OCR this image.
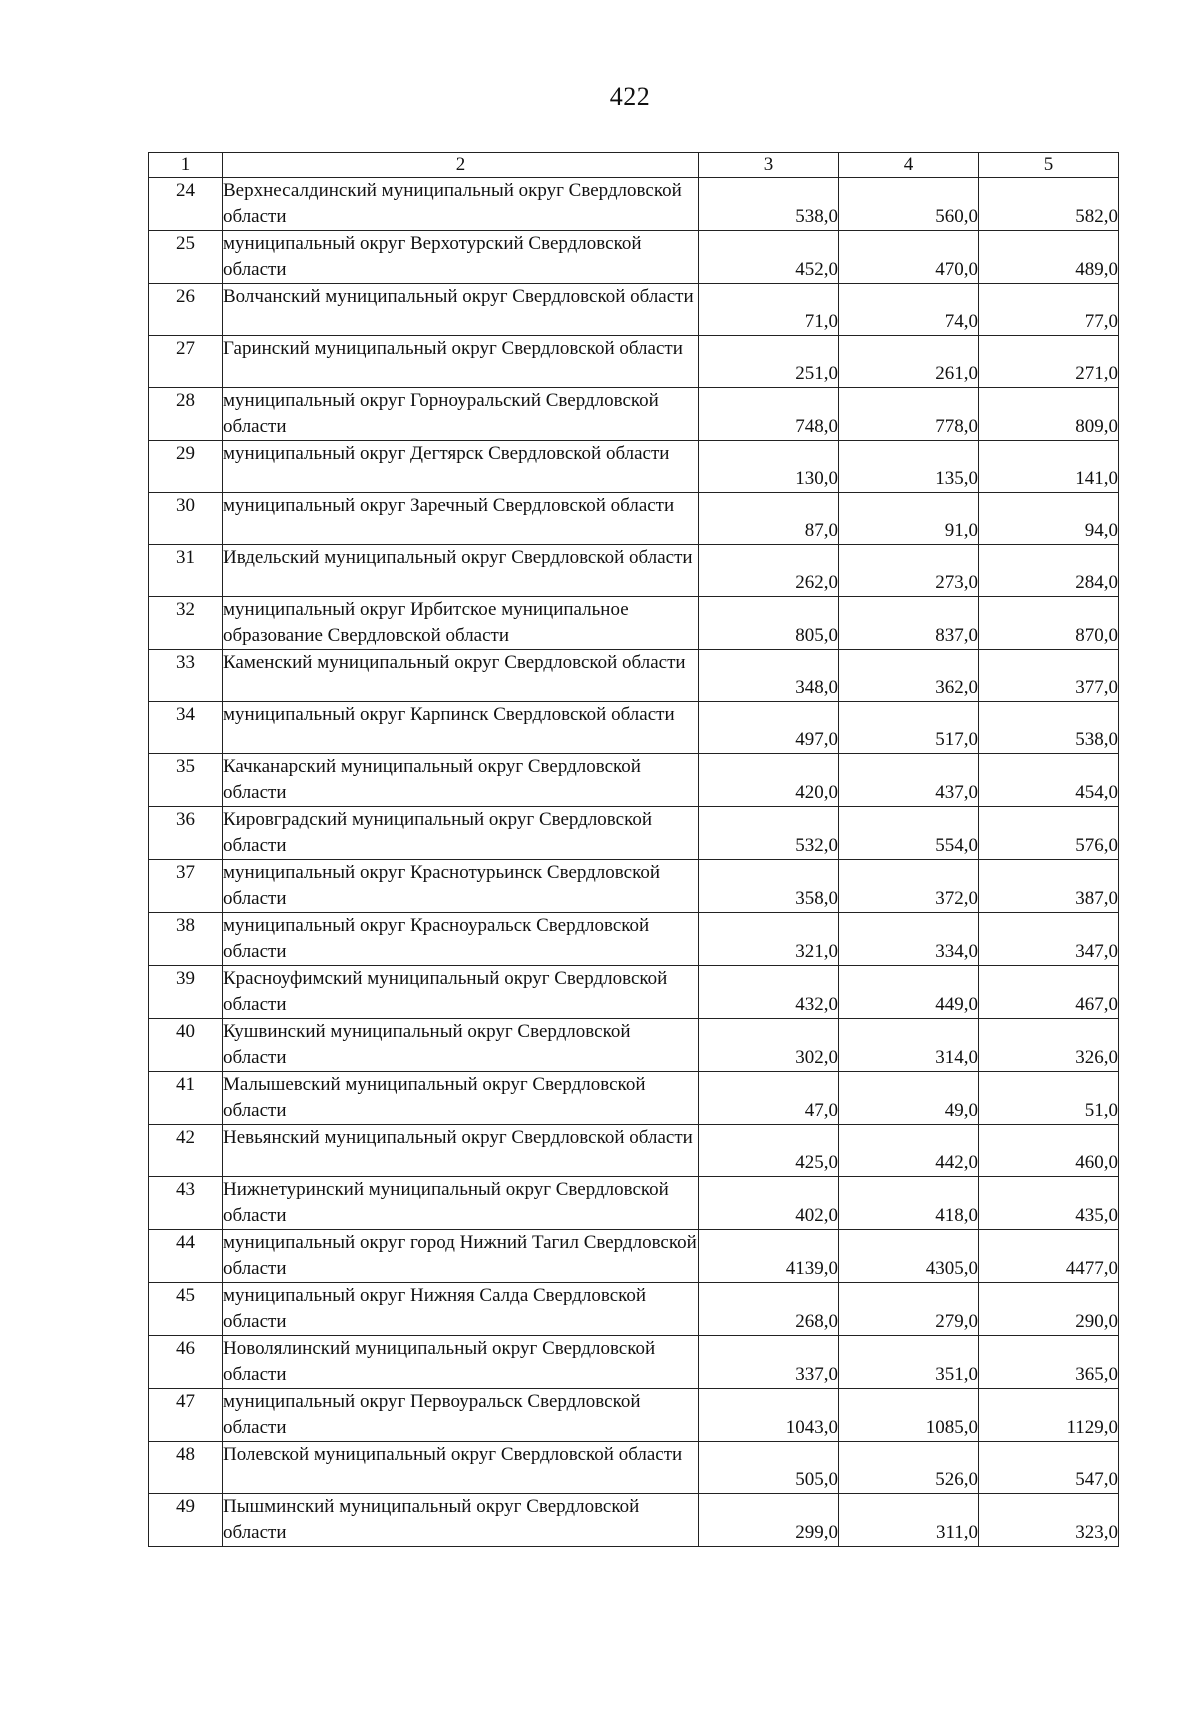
422
1	2	3	4	5
24	Верхнесалдинский муниципальный округ Свердловской области	538,0	560,0	582,0
25	муниципальный округ Верхотурский Свердловской области	452,0	470,0	489,0
26	Волчанский муниципальный округ Свердловской области	71,0	74,0	77,0
27	Гаринский муниципальный округ Свердловской области	251,0	261,0	271,0
28	муниципальный округ Горноуральский Свердловской области	748,0	778,0	809,0
29	муниципальный округ Дегтярск Свердловской области	130,0	135,0	141,0
30	муниципальный округ Заречный Свердловской области	87,0	91,0	94,0
31	Ивдельский муниципальный округ Свердловской области	262,0	273,0	284,0
32	муниципальный округ Ирбитское муниципальное образование Свердловской области	805,0	837,0	870,0
33	Каменский муниципальный округ Свердловской области	348,0	362,0	377,0
34	муниципальный округ Карпинск Свердловской области	497,0	517,0	538,0
35	Качканарский муниципальный округ Свердловской области	420,0	437,0	454,0
36	Кировградский муниципальный округ Свердловской области	532,0	554,0	576,0
37	муниципальный округ Краснотурьинск Свердловской области	358,0	372,0	387,0
38	муниципальный округ Красноуральск Свердловской области	321,0	334,0	347,0
39	Красноуфимский муниципальный округ Свердловской области	432,0	449,0	467,0
40	Кушвинский муниципальный округ Свердловской области	302,0	314,0	326,0
41	Малышевский муниципальный округ Свердловской области	47,0	49,0	51,0
42	Невьянский муниципальный округ Свердловской области	425,0	442,0	460,0
43	Нижнетуринский муниципальный округ Свердловской области	402,0	418,0	435,0
44	муниципальный округ город Нижний Тагил Свердловской области	4139,0	4305,0	4477,0
45	муниципальный округ Нижняя Салда Свердловской области	268,0	279,0	290,0
46	Новолялинский муниципальный округ Свердловской области	337,0	351,0	365,0
47	муниципальный округ Первоуральск Свердловской области	1043,0	1085,0	1129,0
48	Полевской муниципальный округ Свердловской области	505,0	526,0	547,0
49	Пышминский муниципальный округ Свердловской области	299,0	311,0	323,0
